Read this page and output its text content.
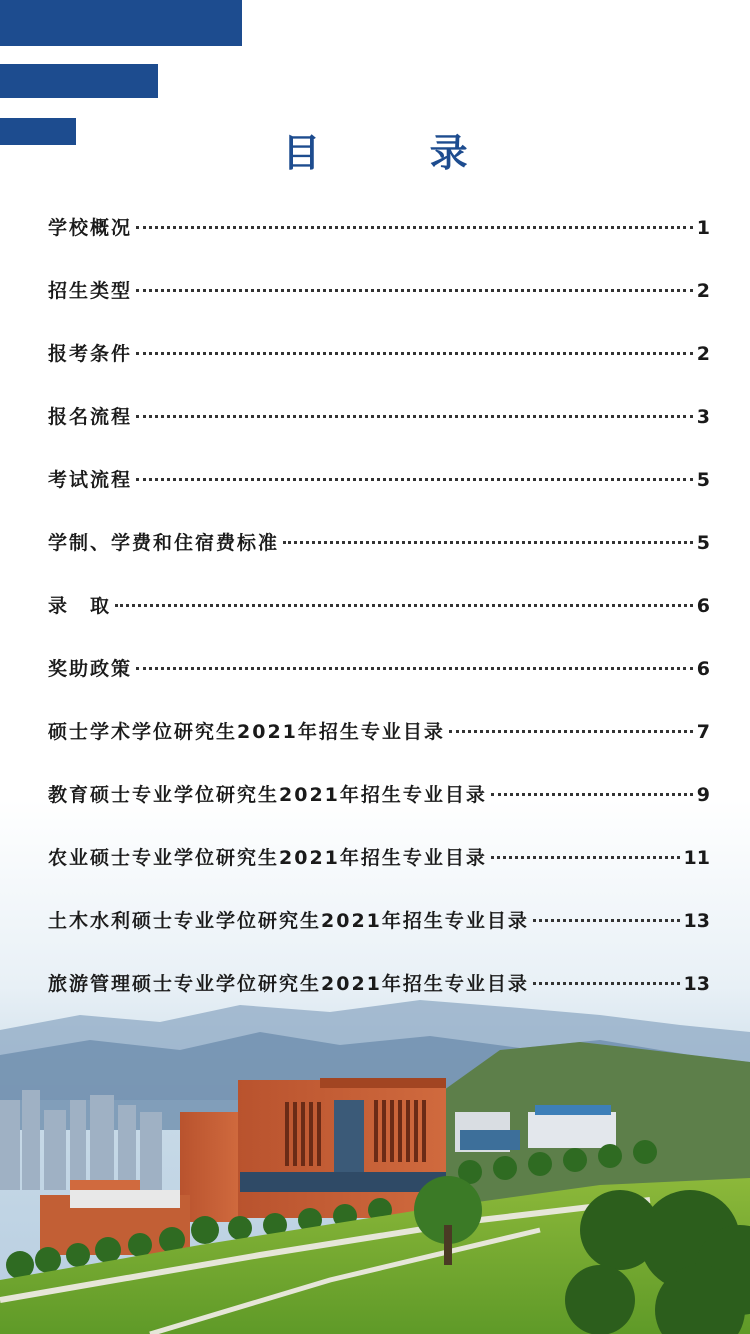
目 录
学校概况	1
招生类型	2
报考条件	2
报名流程	3
考试流程	5
学制、学费和住宿费标准	5
录　取	6
奖助政策	6
硕士学术学位研究生2021年招生专业目录	7
教育硕士专业学位研究生2021年招生专业目录	9
农业硕士专业学位研究生2021年招生专业目录	11
土木水利硕士专业学位研究生2021年招生专业目录	13
旅游管理硕士专业学位研究生2021年招生专业目录	13
